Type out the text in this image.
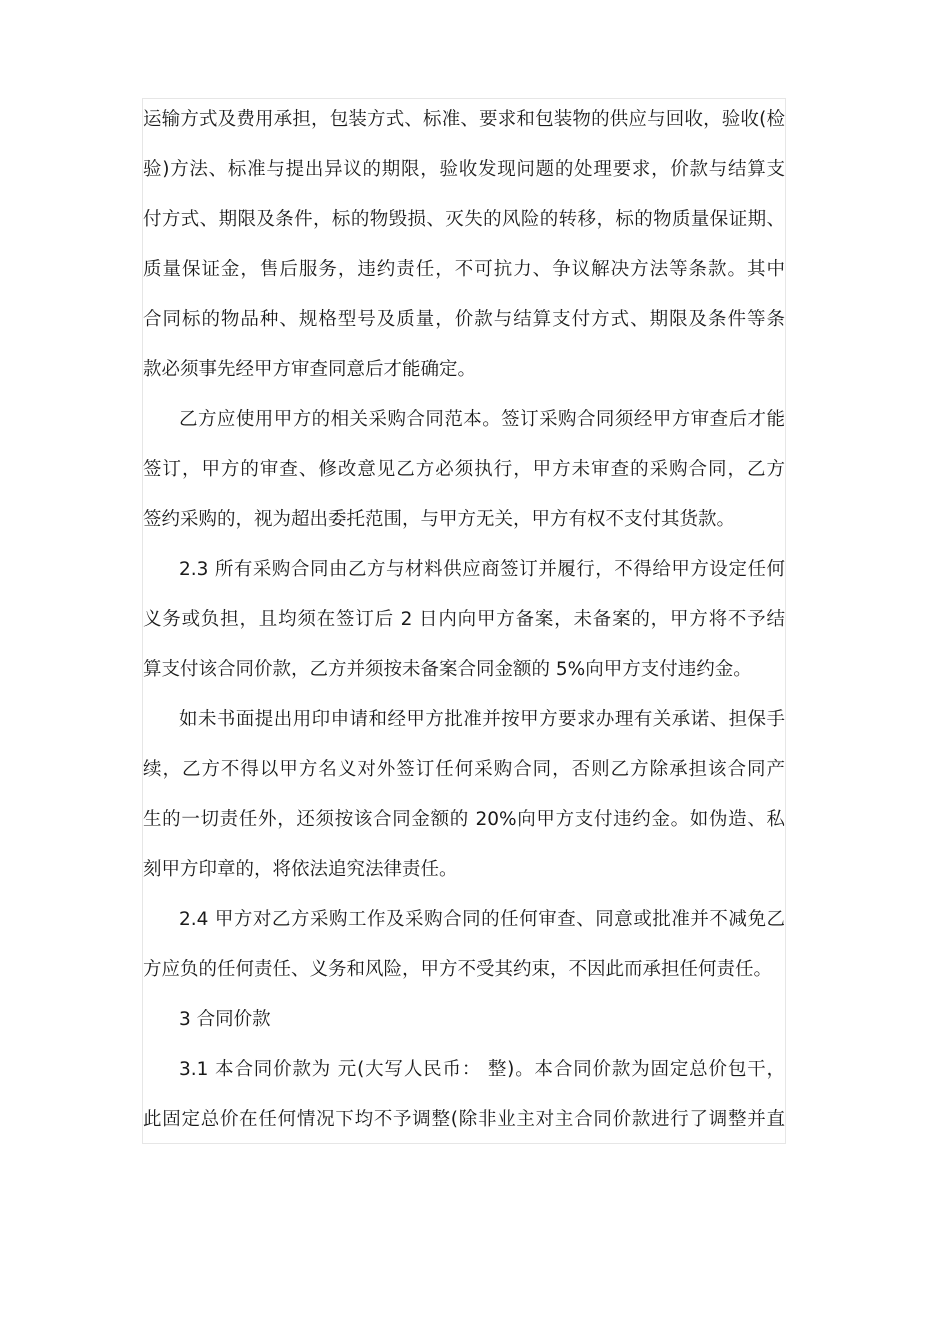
运输方式及费用承担，包装方式、标准、要求和包装物的供应与回收，验收(检
验)方法、标准与提出异议的期限，验收发现问题的处理要求，价款与结算支
付方式、期限及条件，标的物毁损、灭失的风险的转移，标的物质量保证期、
质量保证金，售后服务，违约责任，不可抗力、争议解决方法等条款。其中
合同标的物品种、规格型号及质量，价款与结算支付方式、期限及条件等条
款必须事先经甲方审查同意后才能确定。
乙方应使用甲方的相关采购合同范本。签订采购合同须经甲方审查后才能
签订，甲方的审查、修改意见乙方必须执行，甲方未审查的采购合同，乙方
签约采购的，视为超出委托范围，与甲方无关，甲方有权不支付其货款。
2.3 所有采购合同由乙方与材料供应商签订并履行，不得给甲方设定任何
义务或负担，且均须在签订后 2 日内向甲方备案，未备案的，甲方将不予结
算支付该合同价款，乙方并须按未备案合同金额的 5%向甲方支付违约金。
如未书面提出用印申请和经甲方批准并按甲方要求办理有关承诺、担保手
续，乙方不得以甲方名义对外签订任何采购合同，否则乙方除承担该合同产
生的一切责任外，还须按该合同金额的 20%向甲方支付违约金。如伪造、私
刻甲方印章的，将依法追究法律责任。
2.4 甲方对乙方采购工作及采购合同的任何审查、同意或批准并不减免乙
方应负的任何责任、义务和风险，甲方不受其约束，不因此而承担任何责任。
3 合同价款
3.1 本合同价款为 元(大写人民币： 整)。本合同价款为固定总价包干，
此固定总价在任何情况下均不予调整(除非业主对主合同价款进行了调整并直
